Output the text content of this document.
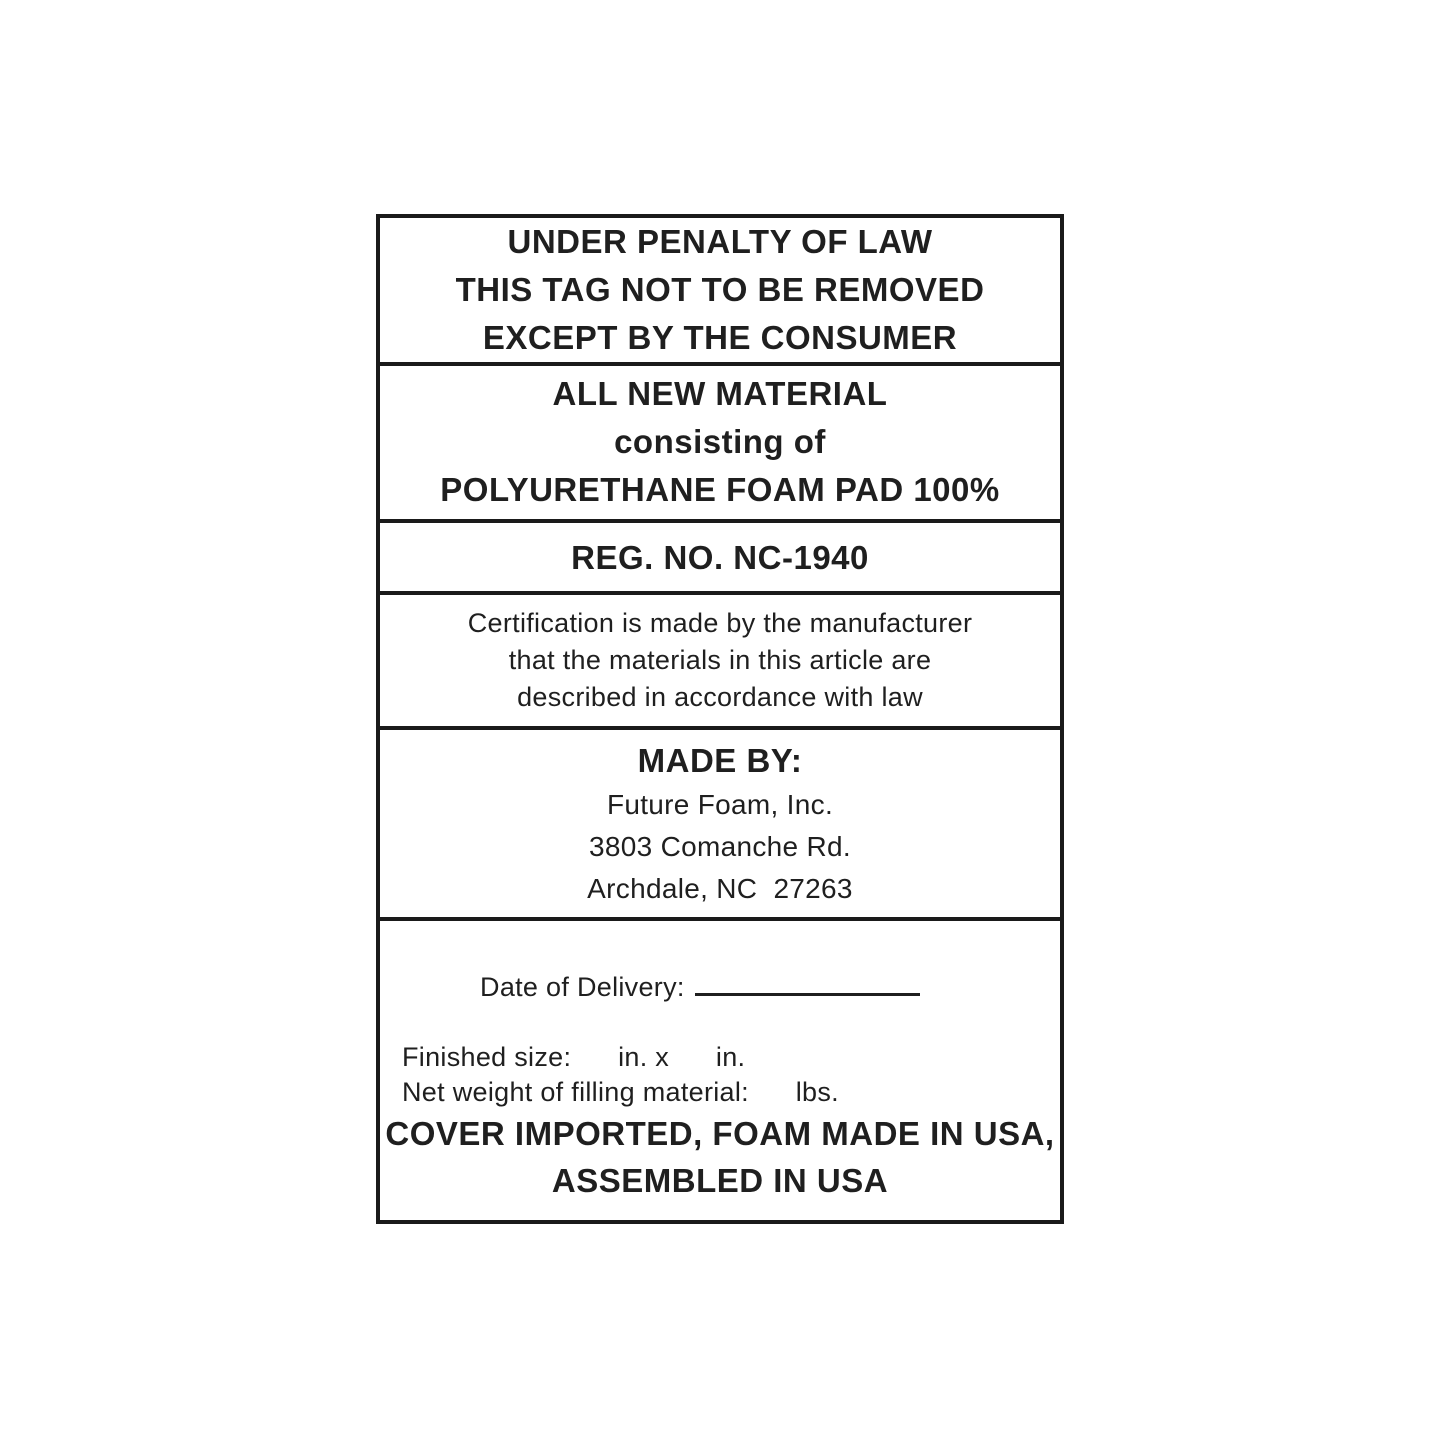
UNDER PENALTY OF LAW
THIS TAG NOT TO BE REMOVED
EXCEPT BY THE CONSUMER
ALL NEW MATERIAL
consisting of
POLYURETHANE FOAM PAD 100%
REG. NO. NC-1940
Certification is made by the manufacturer
that the materials in this article are
described in accordance with law
MADE BY:
Future Foam, Inc.
3803 Comanche Rd.
Archdale, NC  27263

Date of Delivery:

Finished size:      in. x      in.
Net weight of filling material:      lbs.
COVER IMPORTED, FOAM MADE IN USA,
ASSEMBLED IN USA
